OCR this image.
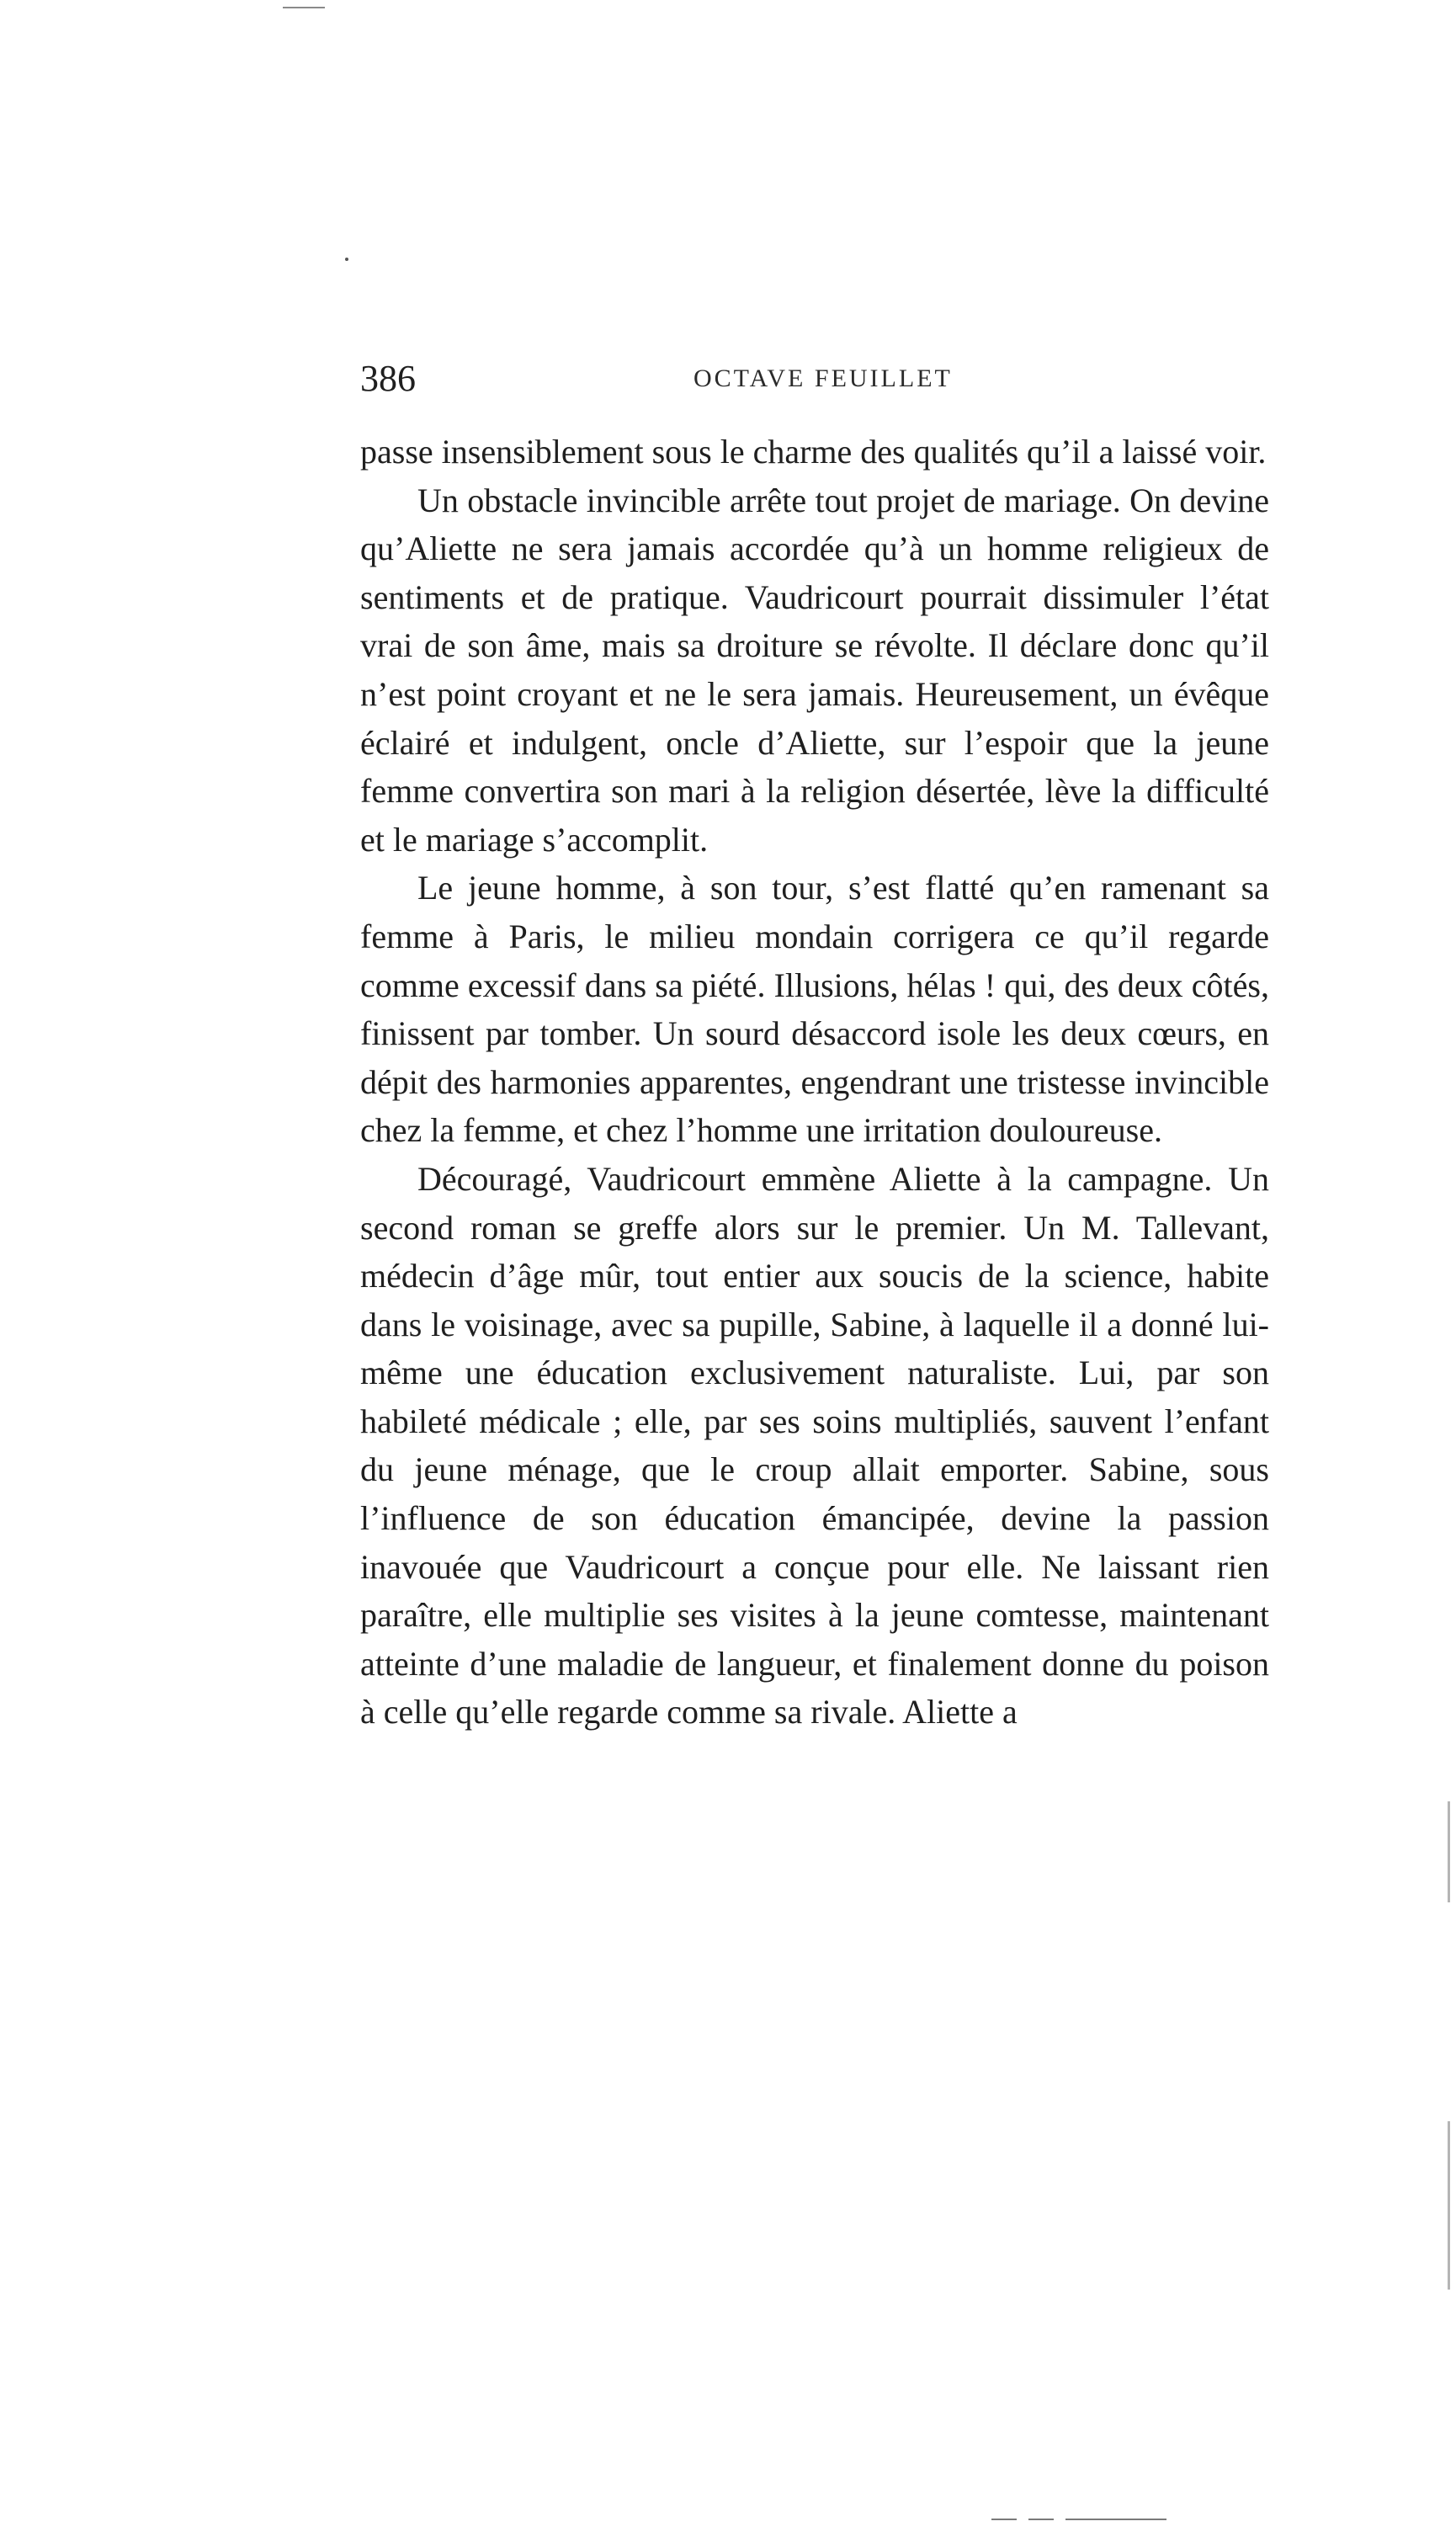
386	OCTAVE FEUILLET

passe insensiblement sous le charme des qualités qu’il a laissé voir.

Un obstacle invincible arrête tout projet de mariage. On devine qu’Aliette ne sera jamais accordée qu’à un homme religieux de sentiments et de pratique. Vaudricourt pourrait dissimuler l’état vrai de son âme, mais sa droiture se révolte. Il déclare donc qu’il n’est point croyant et ne le sera jamais. Heureusement, un évêque éclairé et indulgent, oncle d’Aliette, sur l’espoir que la jeune femme convertira son mari à la religion désertée, lève la difficulté et le mariage s’accomplit.

Le jeune homme, à son tour, s’est flatté qu’en ramenant sa femme à Paris, le milieu mondain corrigera ce qu’il regarde comme excessif dans sa piété. Illusions, hélas ! qui, des deux côtés, finissent par tomber. Un sourd désaccord isole les deux cœurs, en dépit des harmonies apparentes, engendrant une tristesse invincible chez la femme, et chez l’homme une irritation douloureuse.

Découragé, Vaudricourt emmène Aliette à la campagne. Un second roman se greffe alors sur le premier. Un M. Tallevant, médecin d’âge mûr, tout entier aux soucis de la science, habite dans le voisinage, avec sa pupille, Sabine, à laquelle il a donné lui-même une éducation exclusivement naturaliste. Lui, par son habileté médicale ; elle, par ses soins multipliés, sauvent l’enfant du jeune ménage, que le croup allait emporter. Sabine, sous l’influence de son éducation émancipée, devine la passion inavouée que Vaudricourt a conçue pour elle. Ne laissant rien paraître, elle multiplie ses visites à la jeune comtesse, maintenant atteinte d’une maladie de langueur, et finalement donne du poison à celle qu’elle regarde comme sa rivale. Aliette a
